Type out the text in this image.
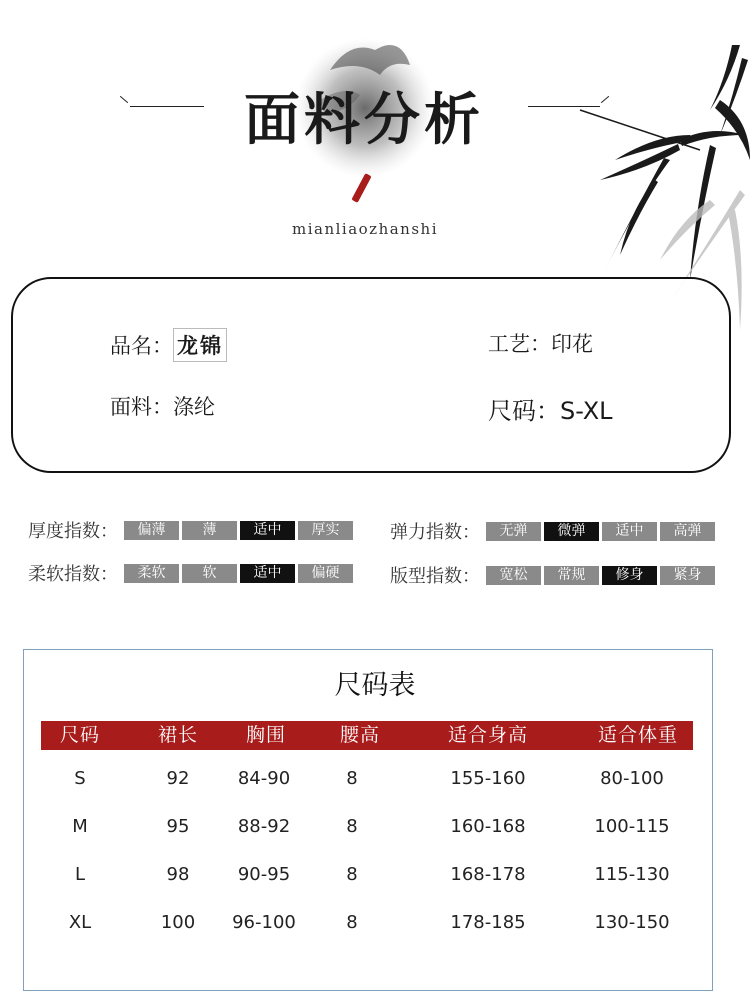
面料分析
mianliaozhanshi
品名： 龙锦	工艺：印花
面料：涤纶	尺码：S-XL
厚度指数：	偏薄	薄	适中	厚实
柔软指数：	柔软	软	适中	偏硬
弹力指数：	无弹	微弹	适中	高弹
版型指数：	宽松	常规	修身	紧身
尺码表
尺码	裙长	胸围	腰高	适合身高	适合体重
S	92	84-90	8	155-160	80-100
M	95	88-92	8	160-168	100-115
L	98	90-95	8	168-178	115-130
XL	100	96-100	8	178-185	130-150
